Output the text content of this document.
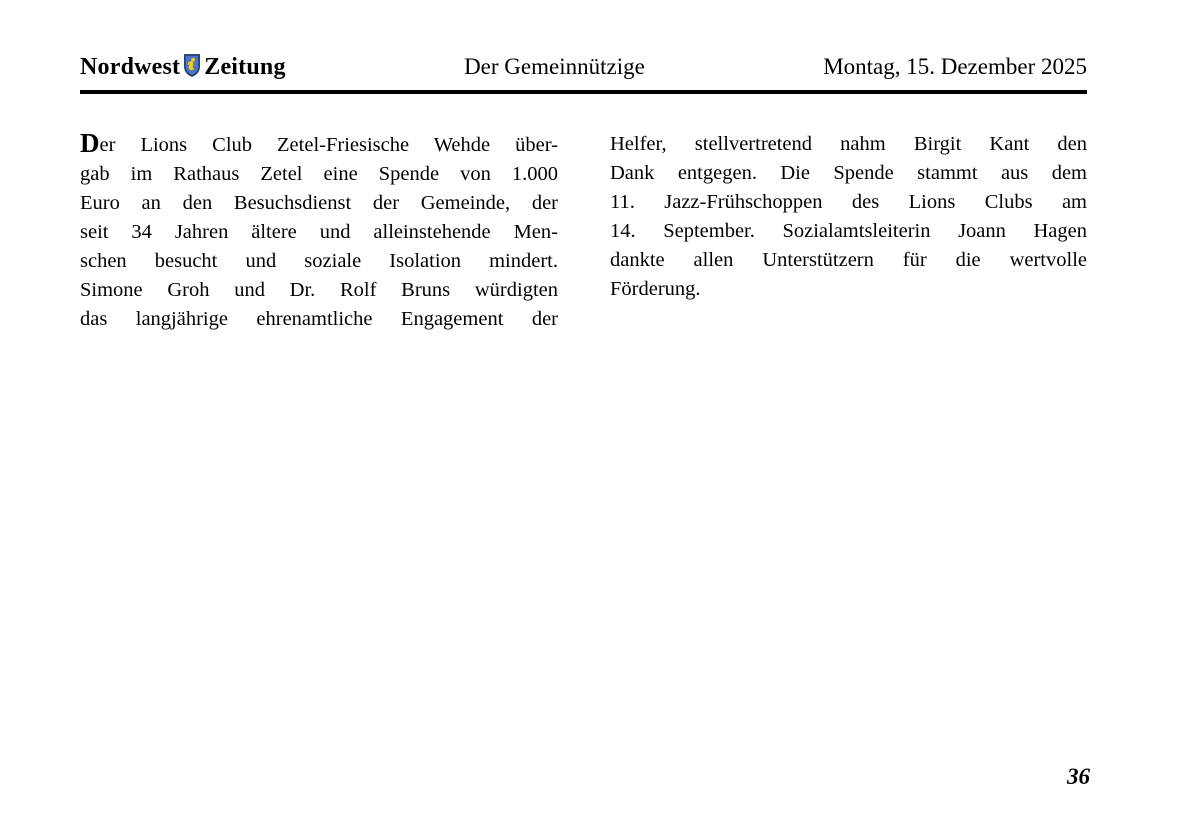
Nordwest Zeitung	Der Gemeinnützige	Montag, 15. Dezember 2025
Der Lions Club Zetel-Friesische Wehde über-
gab im Rathaus Zetel eine Spende von 1.000
Euro an den Besuchsdienst der Gemeinde, der
seit 34 Jahren ältere und alleinstehende Men-
schen besucht und soziale Isolation mindert.
Simone Groh und Dr. Rolf Bruns würdigten
das langjährige ehrenamtliche Engagement der
Helfer, stellvertretend nahm Birgit Kant den
Dank entgegen. Die Spende stammt aus dem
11. Jazz-Frühschoppen des Lions Clubs am
14. September. Sozialamtsleiterin Joann Hagen
dankte allen Unterstützern für die wertvolle
Förderung.
36
